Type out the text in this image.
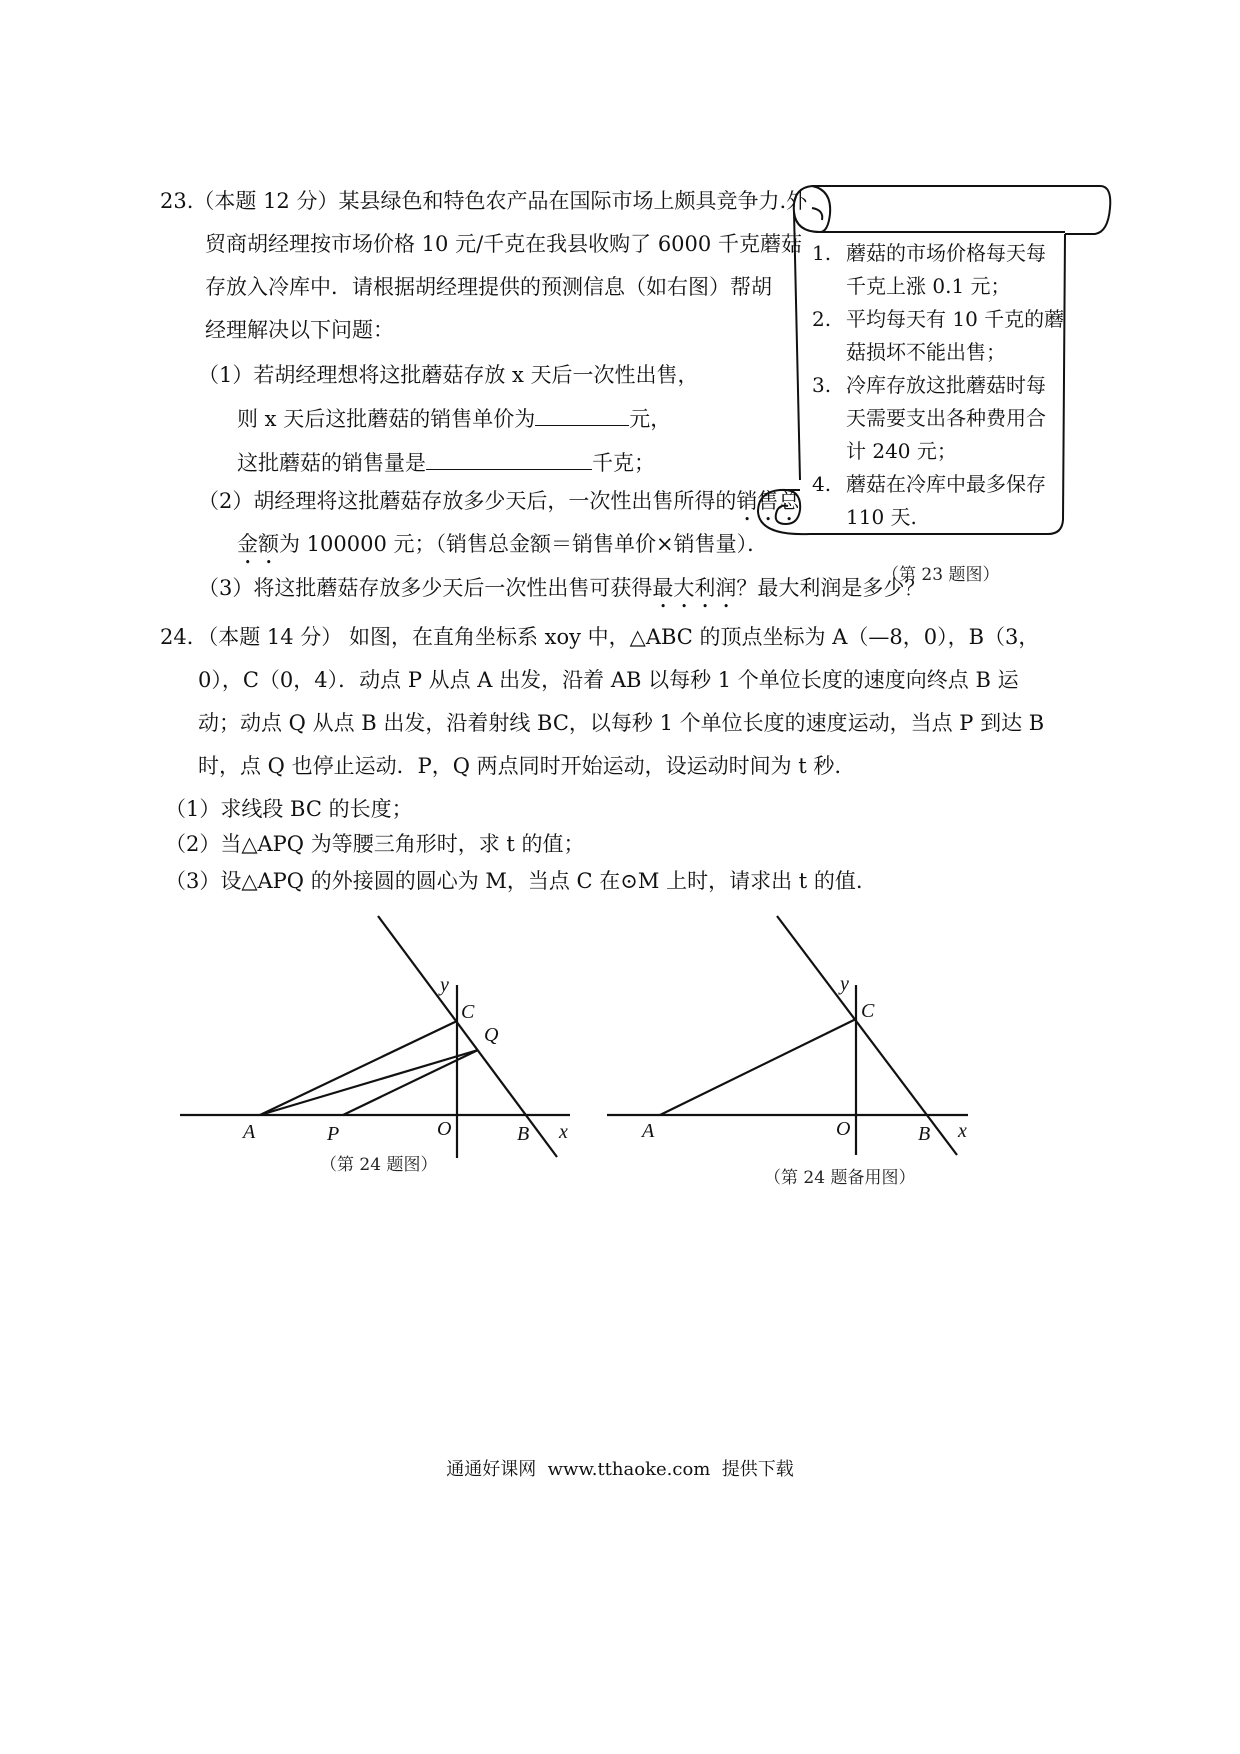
23.（本题 12 分）某县绿色和特色农产品在国际市场上颇具竞争力.外
贸商胡经理按市场价格 10 元/千克在我县收购了 6000 千克蘑菇
存放入冷库中．请根据胡经理提供的预测信息（如右图）帮胡
经理解决以下问题：
（1）若胡经理想将这批蘑菇存放 x 天后一次性出售，
则 x 天后这批蘑菇的销售单价为	元，
这批蘑菇的销售量是	千克；
（2）胡经理将这批蘑菇存放多少天后，一次性出售所得的销售总
金额为 100000 元；（销售总金额＝销售单价×销售量）．
（3）将这批蘑菇存放多少天后一次性出售可获得最大利润？最大利润是多少？
1. 蘑菇的市场价格每天每
千克上涨 0.1 元；
2. 平均每天有 10 千克的蘑
菇损坏不能出售；
3. 冷库存放这批蘑菇时每
天需要支出各种费用合
计 240 元；
4. 蘑菇在冷库中最多保存
110 天.
（第 23 题图）
24．（本题 14 分） 如图，在直角坐标系 xoy 中，△ABC 的顶点坐标为 A（—8，0），B（3，
0），C（0，4）．动点 P 从点 A 出发，沿着 AB 以每秒 1 个单位长度的速度向终点 B 运
动；动点 Q 从点 B 出发，沿着射线 BC，以每秒 1 个单位长度的速度运动，当点 P 到达 B
时，点 Q 也停止运动．P，Q 两点同时开始运动，设运动时间为 t 秒.
（1）求线段 BC 的长度；
（2）当△APQ 为等腰三角形时，求 t 的值；
（3）设△APQ 的外接圆的圆心为 M，当点 C 在⊙M 上时，请求出 t 的值.
y
C
Q
A	P	O	B x
y
C
A	O	B x
（第 24 题图）
（第 24 题备用图）
通通好课网  www.tthaoke.com  提供下载
